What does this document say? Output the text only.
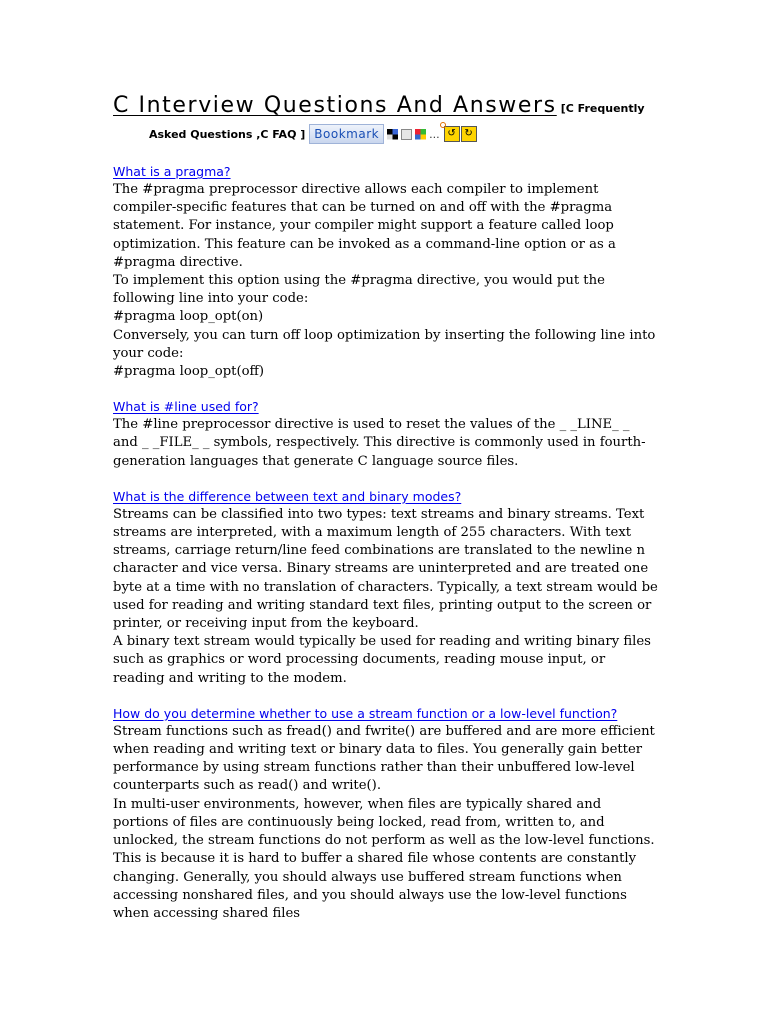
C Interview Questions And Answers [C Frequently
Asked Questions ,C FAQ ] Bookmark	... ↺ ↻

What is a pragma?

The #pragma preprocessor directive allows each compiler to implement compiler-specific features that can be turned on and off with the #pragma statement. For instance, your compiler might support a feature called loop optimization. This feature can be invoked as a command-line option or as a #pragma directive.

To implement this option using the #pragma directive, you would put the following line into your code:

#pragma loop_opt(on)

Conversely, you can turn off loop optimization by inserting the following line into your code:

#pragma loop_opt(off)

What is #line used for?

The #line preprocessor directive is used to reset the values of the _ _LINE_ _ and _ _FILE_ _ symbols, respectively. This directive is commonly used in fourth-generation languages that generate C language source files.

What is the difference between text and binary modes?

Streams can be classified into two types: text streams and binary streams. Text streams are interpreted, with a maximum length of 255 characters. With text streams, carriage return/line feed combinations are translated to the newline n character and vice versa. Binary streams are uninterpreted and are treated one byte at a time with no translation of characters. Typically, a text stream would be used for reading and writing standard text files, printing output to the screen or printer, or receiving input from the keyboard.

A binary text stream would typically be used for reading and writing binary files such as graphics or word processing documents, reading mouse input, or reading and writing to the modem.

How do you determine whether to use a stream function or a low-level function?

Stream functions such as fread() and fwrite() are buffered and are more efficient when reading and writing text or binary data to files. You generally gain better performance by using stream functions rather than their unbuffered low-level counterparts such as read() and write().

In multi-user environments, however, when files are typically shared and portions of files are continuously being locked, read from, written to, and unlocked, the stream functions do not perform as well as the low-level functions. This is because it is hard to buffer a shared file whose contents are constantly changing. Generally, you should always use buffered stream functions when accessing nonshared files, and you should always use the low-level functions when accessing shared files
